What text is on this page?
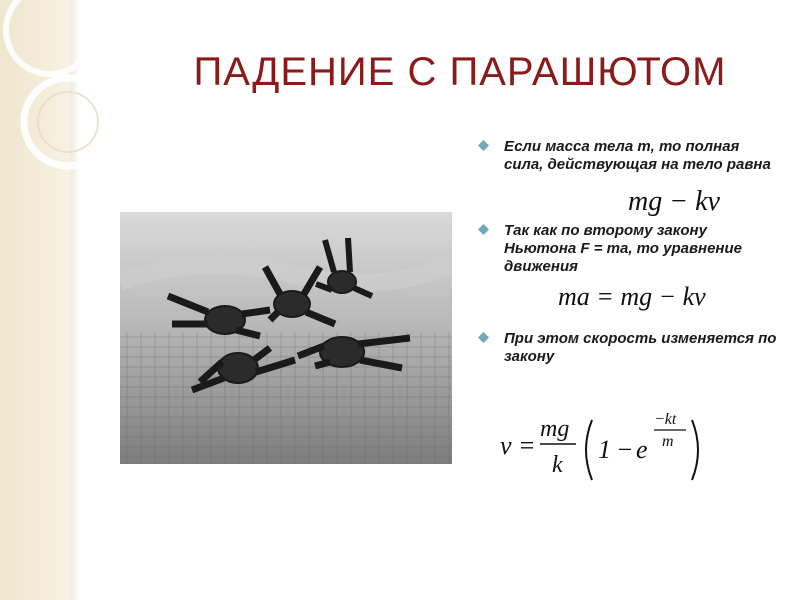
ПАДЕНИЕ С ПАРАШЮТОМ
Если масса тела m, то полная сила, действующая на тело равна
Так как по второму закону Ньютона F = ma, то уравнение движения
При этом скорость изменяется по закону
mg − kv
ma = mg − kv
v =
mg
k
1 − e
−kt
m
